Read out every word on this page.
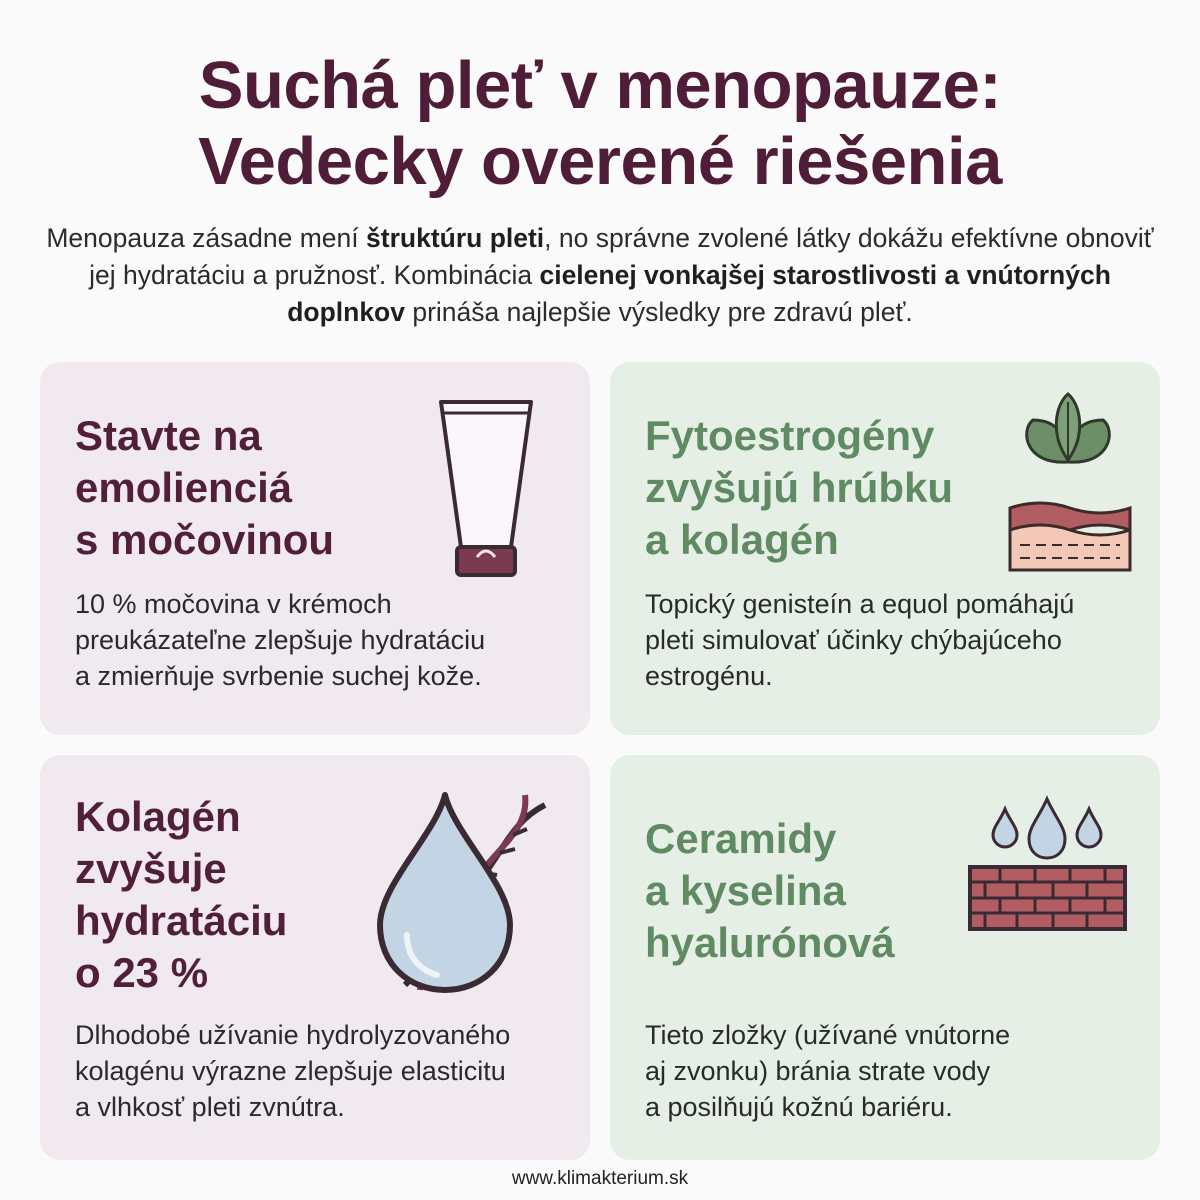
Suchá pleť v menopauze:
Vedecky overené riešenia

Menopauza zásadne mení štruktúru pleti, no správne zvolené látky dokážu efektívne obnoviť jej hydratáciu a pružnosť. Kombinácia cielenej vonkajšej starostlivosti a vnútorných doplnkov prináša najlepšie výsledky pre zdravú pleť.

Stavte na
emolienciá
s močovinou
10 % močovina v krémoch
preukázateľne zlepšuje hydratáciu
a zmierňuje svrbenie suchej kože.
Fytoestrogény
zvyšujú hrúbku
a kolagén
Topický genisteín a equol pomáhajú
pleti simulovať účinky chýbajúceho
estrogénu.
Kolagén
zvyšuje
hydratáciu
o 23 %
Dlhodobé užívanie hydrolyzovaného
kolagénu výrazne zlepšuje elasticitu
a vlhkosť pleti zvnútra.
Ceramidy
a kyselina
hyalurónová
Tieto zložky (užívané vnútorne
aj zvonku) bránia strate vody
a posilňujú kožnú bariéru.
www.klimakterium.sk
